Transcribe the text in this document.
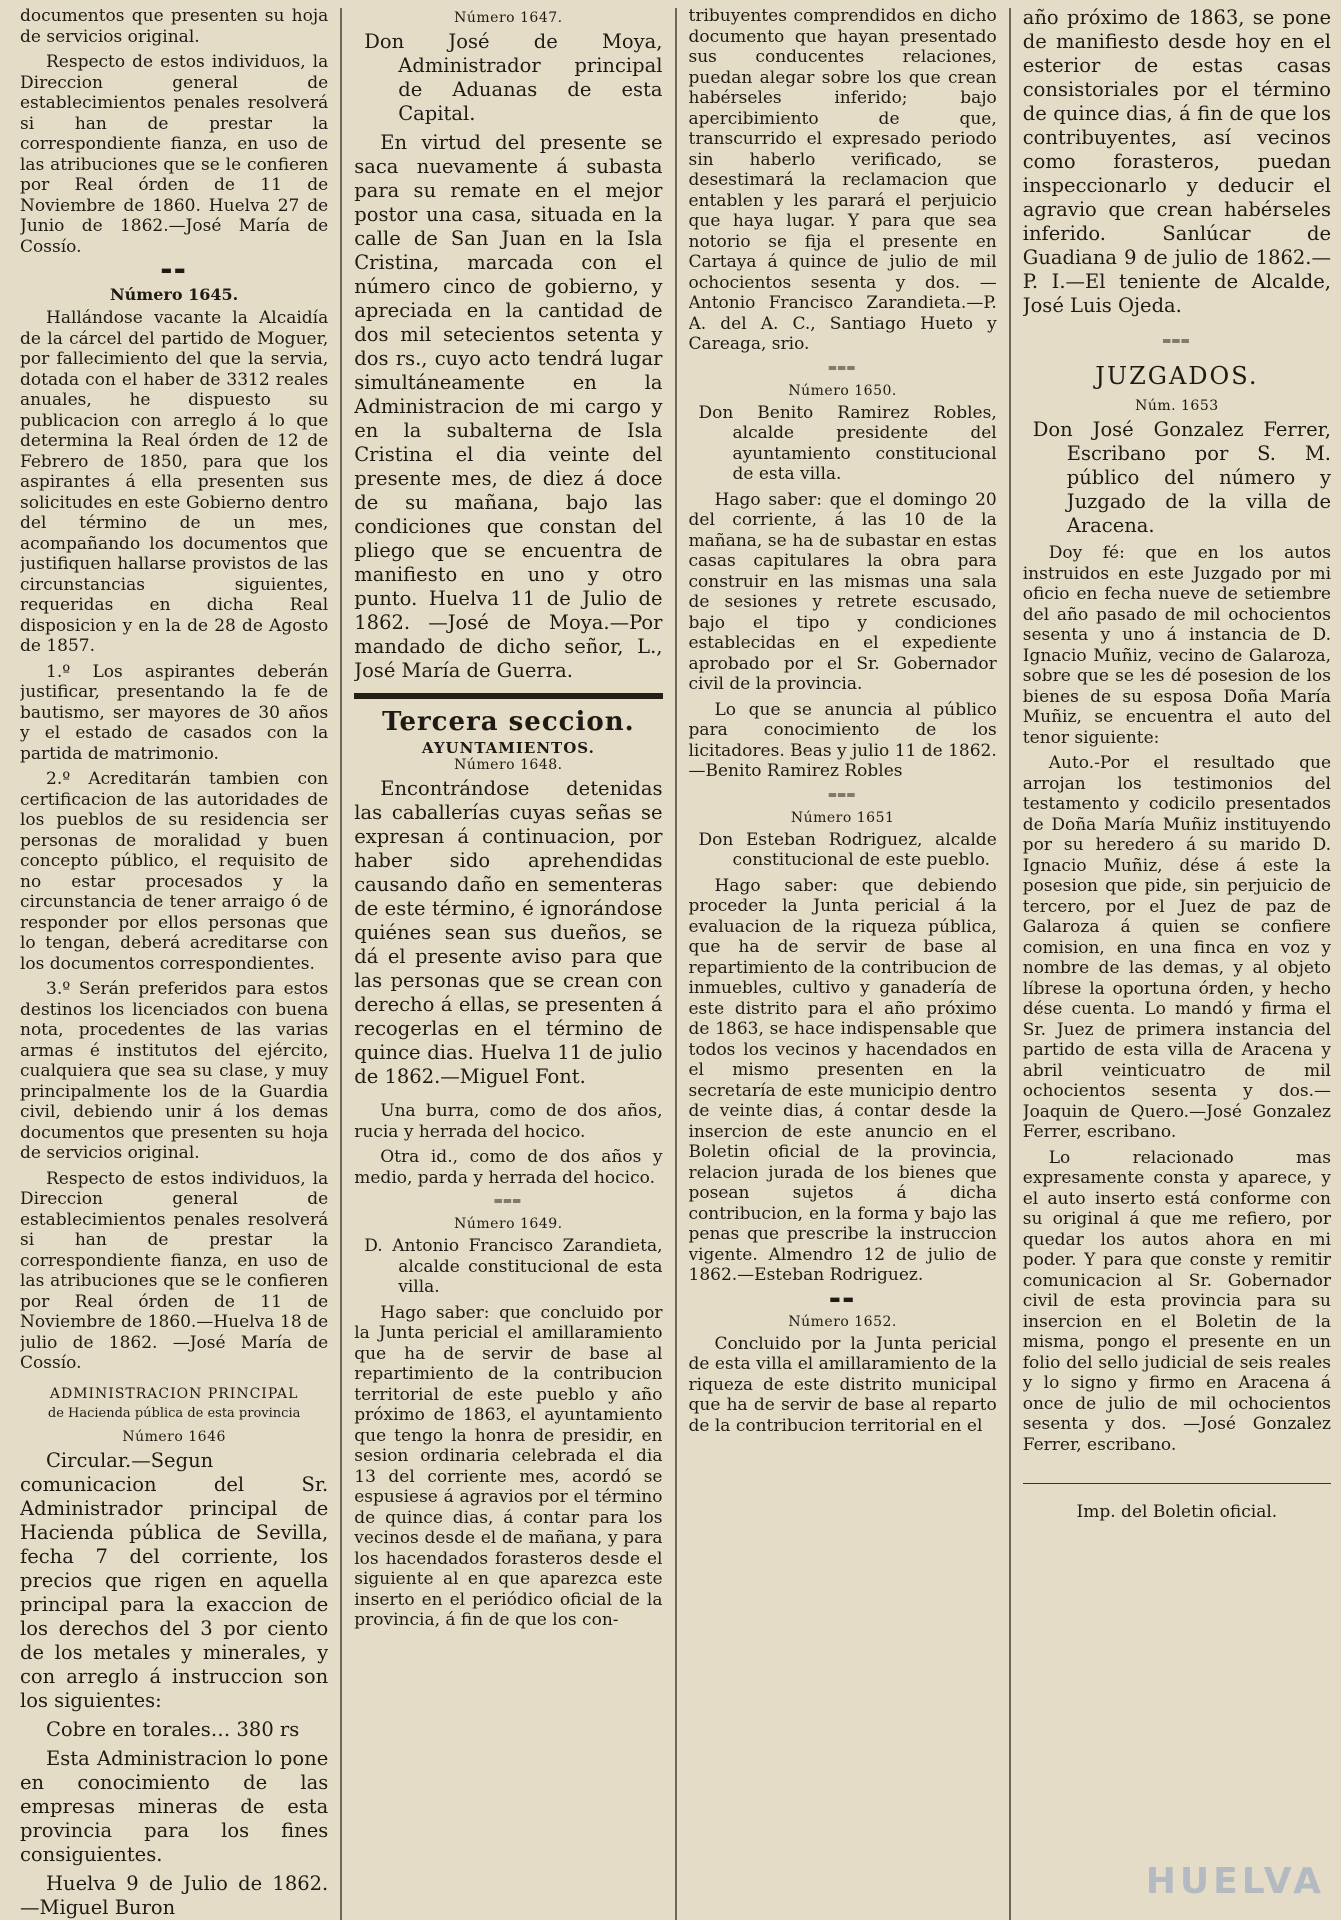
documentos que presenten su hoja de servicios original.

Respecto de estos individuos, la Direccion general de establecimientos penales resolverá si han de prestar la correspondiente fianza, en uso de las atribuciones que se le confieren por Real órden de 11 de Noviembre de 1860. Huelva 27 de Junio de 1862.—José María de Cossío.

▬▬
Número 1645.

Hallándose vacante la Alcaidía de la cárcel del partido de Moguer, por fallecimiento del que la servia, dotada con el haber de 3312 reales anuales, he dispuesto su publicacion con arreglo á lo que determina la Real órden de 12 de Febrero de 1850, para que los aspirantes á ella presenten sus solicitudes en este Gobierno dentro del término de un mes, acompañando los documentos que justifiquen hallarse provistos de las circunstancias siguientes, requeridas en dicha Real disposicion y en la de 28 de Agosto de 1857.

1.º Los aspirantes deberán justificar, presentando la fe de bautismo, ser mayores de 30 años y el estado de casados con la partida de matrimonio.

2.º Acreditarán tambien con certificacion de las autoridades de los pueblos de su residencia ser personas de moralidad y buen concepto público, el requisito de no estar procesados y la circunstancia de tener arraigo ó de responder por ellos personas que lo tengan, deberá acreditarse con los documentos correspondientes.

3.º Serán preferidos para estos destinos los licenciados con buena nota, procedentes de las varias armas é institutos del ejército, cualquiera que sea su clase, y muy principalmente los de la Guardia civil, debiendo unir á los demas documentos que presenten su hoja de servicios original.

Respecto de estos individuos, la Direccion general de establecimientos penales resolverá si han de prestar la correspondiente fianza, en uso de las atribuciones que se le confieren por Real órden de 11 de Noviembre de 1860.—Huelva 18 de julio de 1862. —José María de Cossío.

ADMINISTRACION PRINCIPAL
de Hacienda pública de esta provincia
Número 1646

Circular.—Segun comunicacion del Sr. Administrador principal de Hacienda pública de Sevilla, fecha 7 del corriente, los precios que rigen en aquella principal para la exaccion de los derechos del 3 por ciento de los metales y minerales, y con arreglo á instruccion son los siguientes:

Cobre en torales… 380 rs

Esta Administracion lo pone en conocimiento de las empresas mineras de esta provincia para los fines consiguientes.

Huelva 9 de Julio de 1862. —Miguel Buron

Número 1647.

Don José de Moya, Administrador principal de Aduanas de esta Capital.

En virtud del presente se saca nuevamente á subasta para su remate en el mejor postor una casa, situada en la calle de San Juan en la Isla Cristina, marcada con el número cinco de gobierno, y apreciada en la cantidad de dos mil setecientos setenta y dos rs., cuyo acto tendrá lugar simultáneamente en la Administracion de mi cargo y en la subalterna de Isla Cristina el dia veinte del presente mes, de diez á doce de su mañana, bajo las condiciones que constan del pliego que se encuentra de manifiesto en uno y otro punto. Huelva 11 de Julio de 1862. —José de Moya.—Por mandado de dicho señor, L., José María de Guerra.

Tercera seccion.
AYUNTAMIENTOS.
Número 1648.

Encontrándose detenidas las caballerías cuyas señas se expresan á continuacion, por haber sido aprehendidas causando daño en sementeras de este término, é ignorándose quiénes sean sus dueños, se dá el presente aviso para que las personas que se crean con derecho á ellas, se presenten á recogerlas en el término de quince dias. Huelva 11 de julio de 1862.—Miguel Font.

Una burra, como de dos años, rucia y herrada del hocico.

Otra id., como de dos años y medio, parda y herrada del hocico.

═══
Número 1649.

D. Antonio Francisco Zarandieta, alcalde constitucional de esta villa.

Hago saber: que concluido por la Junta pericial el amillaramiento que ha de servir de base al repartimiento de la contribucion territorial de este pueblo y año próximo de 1863, el ayuntamiento que tengo la honra de presidir, en sesion ordinaria celebrada el dia 13 del corriente mes, acordó se espusiese á agravios por el término de quince dias, á contar para los vecinos desde el de mañana, y para los hacendados forasteros desde el siguiente al en que aparezca este inserto en el periódico oficial de la provincia, á fin de que los con-

tribuyentes comprendidos en dicho documento que hayan presentado sus conducentes relaciones, puedan alegar sobre los que crean habérseles inferido; bajo apercibimiento de que, transcurrido el expresado periodo sin haberlo verificado, se desestimará la reclamacion que entablen y les parará el perjuicio que haya lugar. Y para que sea notorio se fija el presente en Cartaya á quince de julio de mil ochocientos sesenta y dos. —Antonio Francisco Zarandieta.—P. A. del A. C., Santiago Hueto y Careaga, srio.

═══
Número 1650.

Don Benito Ramirez Robles, alcalde presidente del ayuntamiento constitucional de esta villa.

Hago saber: que el domingo 20 del corriente, á las 10 de la mañana, se ha de subastar en estas casas capitulares la obra para construir en las mismas una sala de sesiones y retrete escusado, bajo el tipo y condiciones establecidas en el expediente aprobado por el Sr. Gobernador civil de la provincia.

Lo que se anuncia al público para conocimiento de los licitadores. Beas y julio 11 de 1862.—Benito Ramirez Robles

═══
Número 1651

Don Esteban Rodriguez, alcalde constitucional de este pueblo.

Hago saber: que debiendo proceder la Junta pericial á la evaluacion de la riqueza pública, que ha de servir de base al repartimiento de la contribucion de inmuebles, cultivo y ganadería de este distrito para el año próximo de 1863, se hace indispensable que todos los vecinos y hacendados en el mismo presenten en la secretaría de este municipio dentro de veinte dias, á contar desde la insercion de este anuncio en el Boletin oficial de la provincia, relacion jurada de los bienes que posean sujetos á dicha contribucion, en la forma y bajo las penas que prescribe la instruccion vigente. Almendro 12 de julio de 1862.—Esteban Rodriguez.

▬▬
Número 1652.

Concluido por la Junta pericial de esta villa el amillaramiento de la riqueza de este distrito municipal que ha de servir de base al reparto de la contribucion territorial en el

año próximo de 1863, se pone de manifiesto desde hoy en el esterior de estas casas consistoriales por el término de quince dias, á fin de que los contribuyentes, así vecinos como forasteros, puedan inspeccionarlo y deducir el agravio que crean habérseles inferido. Sanlúcar de Guadiana 9 de julio de 1862.— P. I.—El teniente de Alcalde, José Luis Ojeda.

═══
JUZGADOS.
Núm. 1653

Don José Gonzalez Ferrer, Escribano por S. M. público del número y Juzgado de la villa de Aracena.

Doy fé: que en los autos instruidos en este Juzgado por mi oficio en fecha nueve de setiembre del año pasado de mil ochocientos sesenta y uno á instancia de D. Ignacio Muñiz, vecino de Galaroza, sobre que se les dé posesion de los bienes de su esposa Doña María Muñiz, se encuentra el auto del tenor siguiente:

Auto.-Por el resultado que arrojan los testimonios del testamento y codicilo presentados de Doña María Muñiz instituyendo por su heredero á su marido D. Ignacio Muñiz, dése á este la posesion que pide, sin perjuicio de tercero, por el Juez de paz de Galaroza á quien se confiere comision, en una finca en voz y nombre de las demas, y al objeto líbrese la oportuna órden, y hecho dése cuenta. Lo mandó y firma el Sr. Juez de primera instancia del partido de esta villa de Aracena y abril veinticuatro de mil ochocientos sesenta y dos.—Joaquin de Quero.—José Gonzalez Ferrer, escribano.

Lo relacionado mas expresamente consta y aparece, y el auto inserto está conforme con su original á que me refiero, por quedar los autos ahora en mi poder. Y para que conste y remitir comunicacion al Sr. Gobernador civil de esta provincia para su insercion en el Boletin de la misma, pongo el presente en un folio del sello judicial de seis reales y lo signo y firmo en Aracena á once de julio de mil ochocientos sesenta y dos. —José Gonzalez Ferrer, escribano.

Imp. del Boletin oficial.
HUELVA
